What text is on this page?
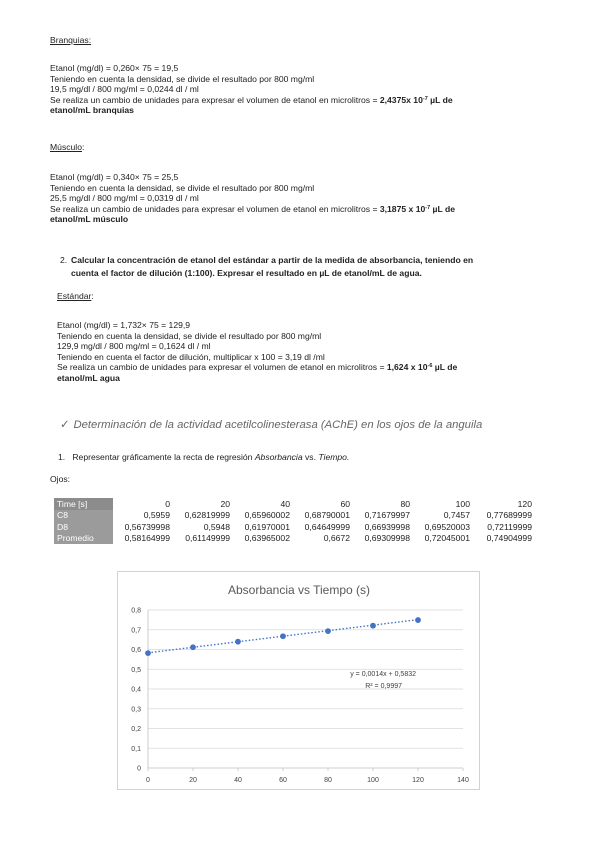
Branquias:
Etanol (mg/dl) = 0,260× 75 = 19,5
Teniendo en cuenta la densidad, se divide el resultado por 800 mg/ml
19,5 mg/dl / 800 mg/ml = 0,0244 dl / ml
Se realiza un cambio de unidades para expresar el volumen de etanol en microlitros = 2,4375x $10^{-7}$ µL de
etanol/mL branquias
Músculo:
Etanol (mg/dl) = 0,340× 75 = 25,5
Teniendo en cuenta la densidad, se divide el resultado por 800 mg/ml
25,5 mg/dl / 800 mg/ml = 0,0319 dl / ml
Se realiza un cambio de unidades para expresar el volumen de etanol en microlitros = 3,1875 x $10^{-7}$ µL de
etanol/mL músculo
2. Calcular la concentración de etanol del estándar a partir de la medida de absorbancia, teniendo en
cuenta el factor de dilución (1:100). Expresar el resultado en µL de etanol/mL de agua.
Estándar:
Etanol (mg/dl) = 1,732× 75 = 129,9
Teniendo en cuenta la densidad, se divide el resultado por 800 mg/ml
129,9 mg/dl / 800 mg/ml = 0,1624 dl / ml
Teniendo en cuenta el factor de dilución, multiplicar x 100 = 3,19 dl /ml
Se realiza un cambio de unidades para expresar el volumen de etanol en microlitros = 1,624 x $10^{-6}$ µL de
etanol/mL agua
✓ Determinación de la actividad acetilcolinesterasa (AChE) en los ojos de la anguila
1. Representar gráficamente la recta de regresión Absorbancia vs. Tiempo.
Ojos:
Time [s]	0	20	40	60	80	100	120
C8	0,5959	0,62819999	0,65960002	0,68790001	0,71679997	0,7457	0,77689999
D8	0,56739998	0,5948	0,61970001	0,64649999	0,66939998	0,69520003	0,72119999
Promedio	0,58164999	0,61149999	0,63965002	0,6672	0,69309998	0,72045001	0,74904999
Absorbancia vs Tiempo (s)
0
0,1
0,2
0,3
0,4
0,5
0,6
0,7
0,8
0	20	40	60	80	100	120	140
y = 0,0014x + 0,5832
R² = 0,9997
